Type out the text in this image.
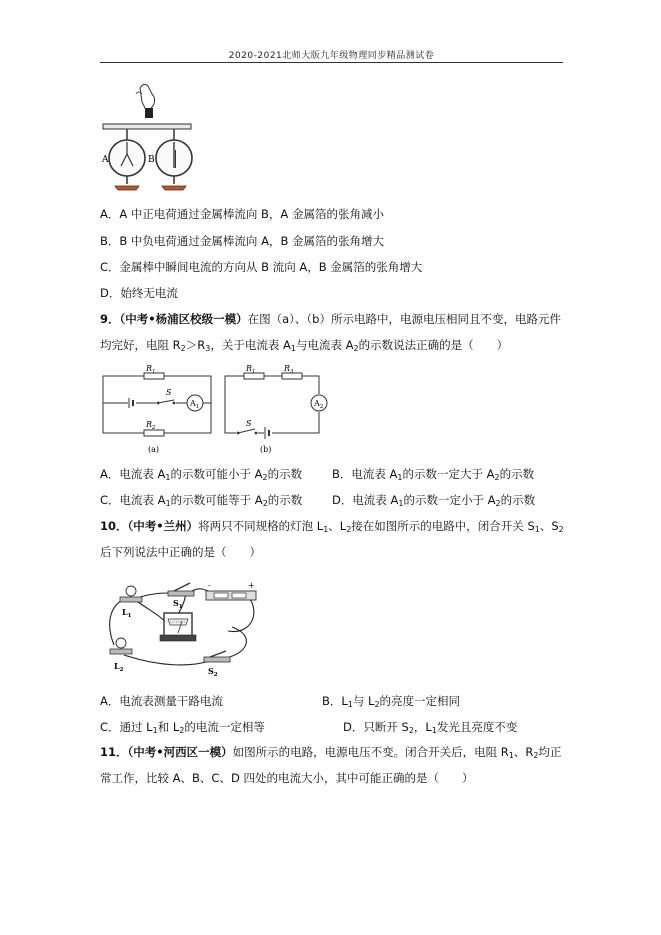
2020-2021北师大版九年级物理同步精品测试卷
A	B
A．A 中正电荷通过金属棒流向 B，A 金属箔的张角减小
B．B 中负电荷通过金属棒流向 A，B 金属箔的张角增大
C．金属棒中瞬间电流的方向从 B 流向 A，B 金属箔的张角增大
D．始终无电流
9．（中考•杨浦区校级一模）在图（a）、（b）所示电路中，电源电压相同且不变，电路元件
均完好，电阻 $R_2>R_3$，关于电流表 $A_1$与电流表 $A_2$的示数说法正确的是（　　）
$R_1$
S
$A_1$
$R_2$
(a)
$R_1$	$R_3$
$A_2$
S
(b)
A．电流表 $A_1$的示数可能小于 $A_2$的示数	B．电流表 $A_1$的示数一定大于 $A_2$的示数
C．电流表 $A_1$的示数可能等于 $A_2$的示数	D．电流表 $A_1$的示数一定小于 $A_2$的示数
10．（中考•兰州）将两只不同规格的灯泡 $L_1$、$L_2$接在如图所示的电路中，闭合开关 $S_1$、$S_2$
后下列说法中正确的是（　　）
$L_1$
$S_1$
-	+
$L_2$	$S_2$
A．电流表测量干路电流	B．$L_1$与 $L_2$的亮度一定相同
C．通过 $L_1$和 $L_2$的电流一定相等	D．只断开 $S_2$，$L_1$发光且亮度不变
11．（中考•河西区一模）如图所示的电路，电源电压不变。闭合开关后，电阻 $R_1$、$R_2$均正
常工作，比较 A、B、C、D 四处的电流大小，其中可能正确的是（　　）
